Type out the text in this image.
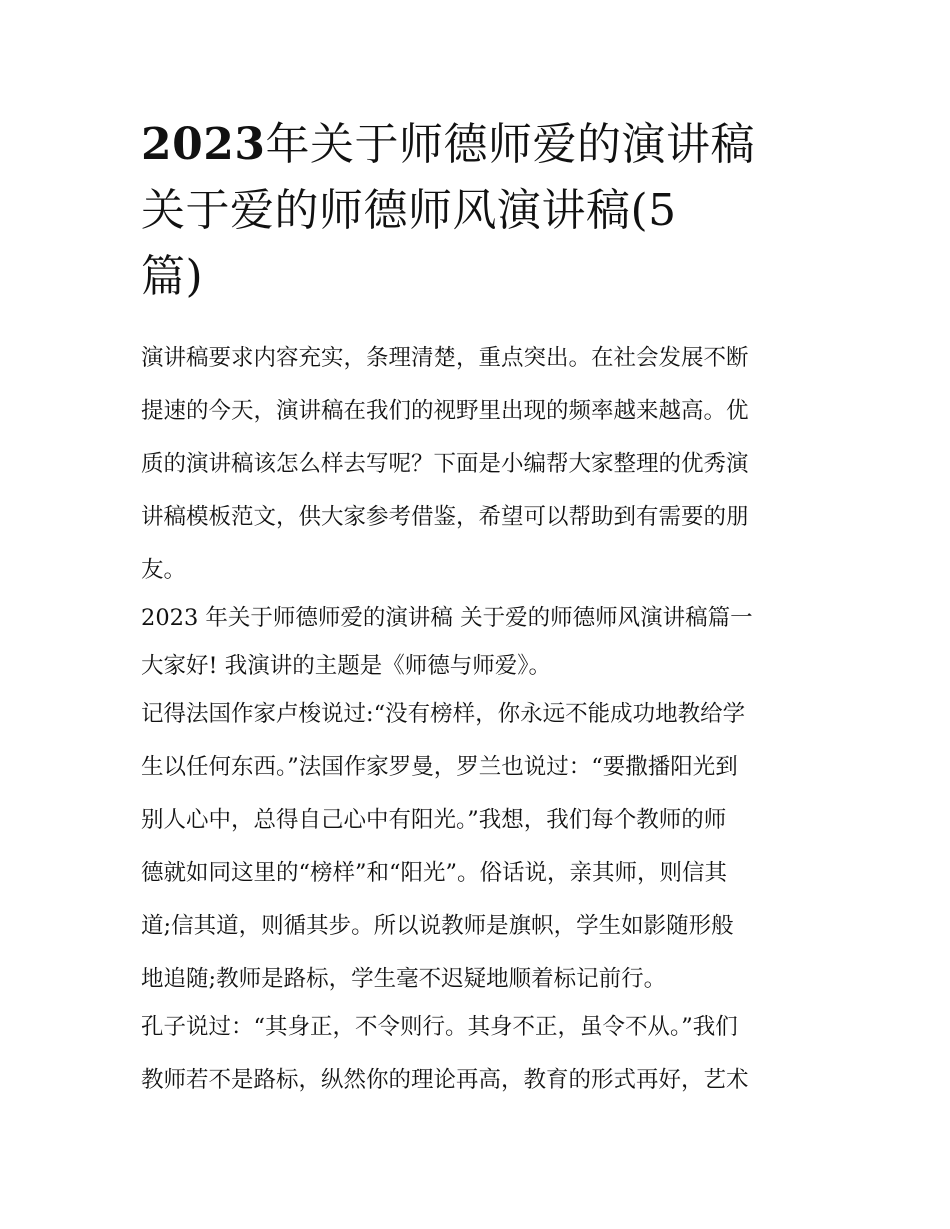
2023年关于师德师爱的演讲稿
关于爱的师德师风演讲稿(5
篇)

演讲稿要求内容充实，条理清楚，重点突出。在社会发展不断
提速的今天，演讲稿在我们的视野里出现的频率越来越高。优
质的演讲稿该怎么样去写呢？下面是小编帮大家整理的优秀演
讲稿模板范文，供大家参考借鉴，希望可以帮助到有需要的朋
友。

2023 年关于师德师爱的演讲稿 关于爱的师德师风演讲稿篇一

大家好! 我演讲的主题是《师德与师爱》。

记得法国作家卢梭说过:“没有榜样，你永远不能成功地教给学
生以任何东西。”法国作家罗曼，罗兰也说过：“要撒播阳光到
别人心中，总得自己心中有阳光。”我想，我们每个教师的师
德就如同这里的“榜样”和“阳光”。俗话说，亲其师，则信其
道;信其道，则循其步。所以说教师是旗帜，学生如影随形般
地追随;教师是路标，学生毫不迟疑地顺着标记前行。

孔子说过：“其身正，不令则行。其身不正，虽令不从。”我们
教师若不是路标，纵然你的理论再高，教育的形式再好，艺术
